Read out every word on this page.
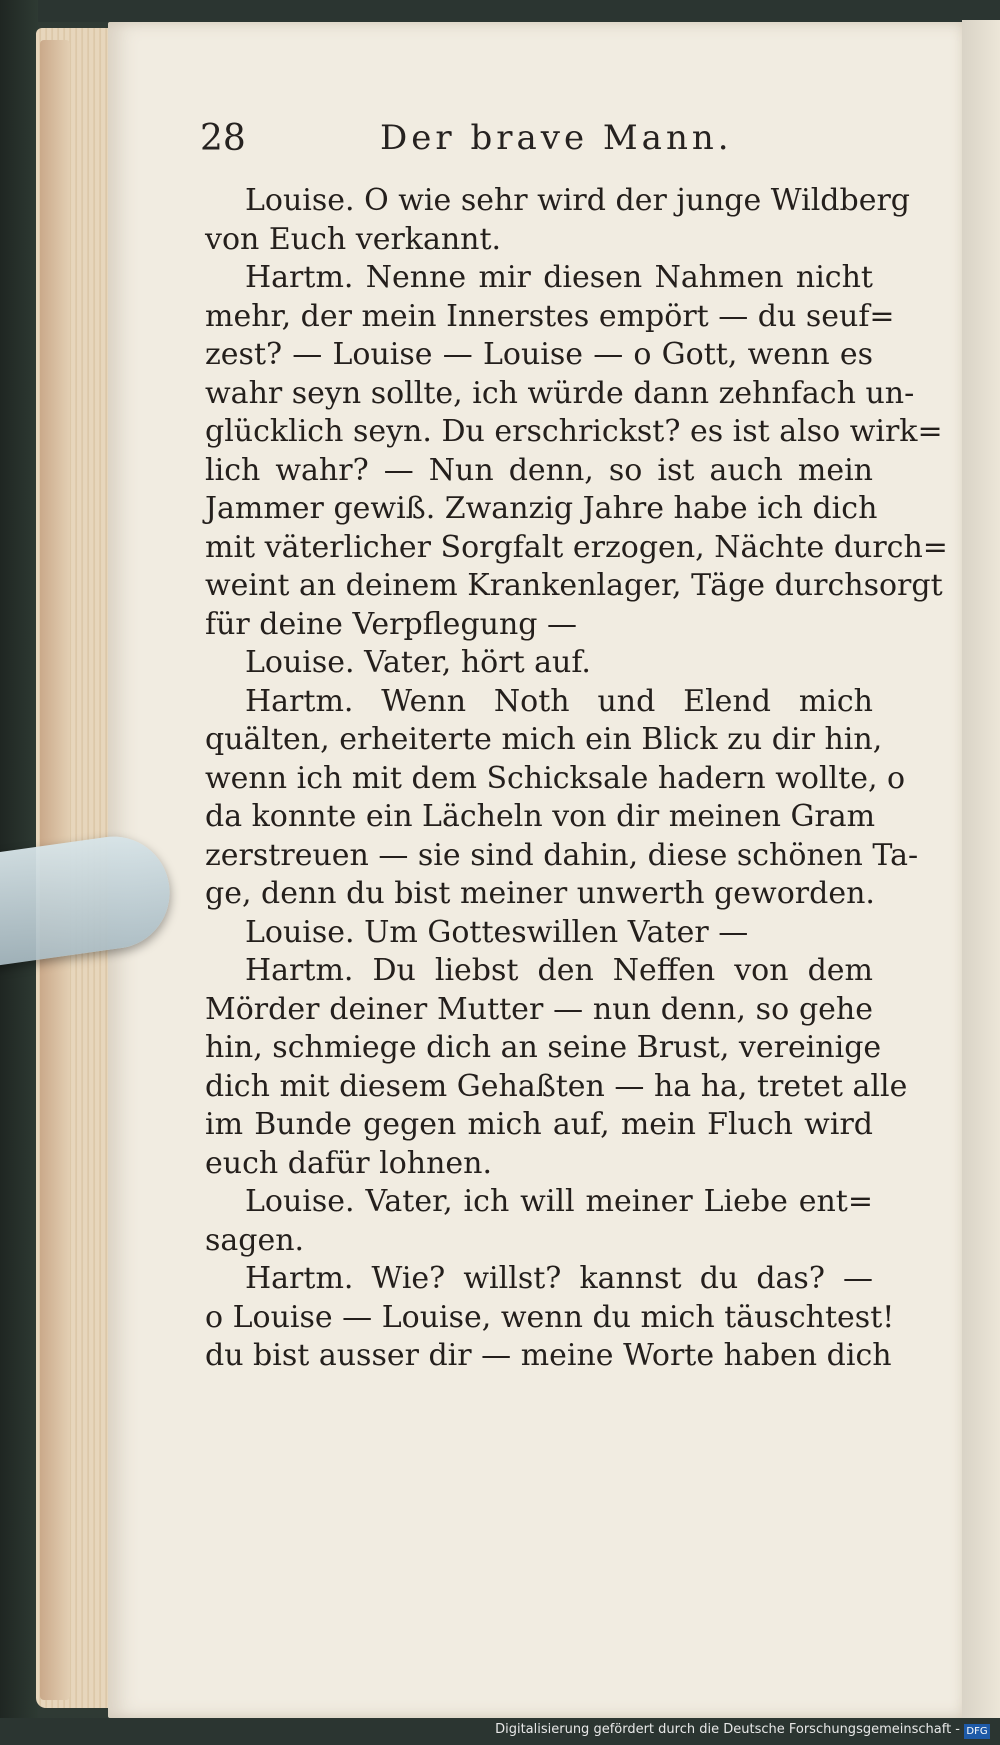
28	Der brave Mann.
Louise. O wie sehr wird der junge Wildberg
von Euch verkannt.
Hartm. Nenne mir diesen Nahmen nicht
mehr, der mein Innerstes empört — du seuf=
zest? — Louise — Louise — o Gott, wenn es
wahr seyn sollte, ich würde dann zehnfach un-
glücklich seyn. Du erschrickst? es ist also wirk=
lich wahr? — Nun denn, so ist auch mein
Jammer gewiß. Zwanzig Jahre habe ich dich
mit väterlicher Sorgfalt erzogen, Nächte durch=
weint an deinem Krankenlager, Täge durchsorgt
für deine Verpflegung —
Louise. Vater, hört auf.
Hartm. Wenn Noth und Elend mich
quälten, erheiterte mich ein Blick zu dir hin,
wenn ich mit dem Schicksale hadern wollte, o
da konnte ein Lächeln von dir meinen Gram
zerstreuen — sie sind dahin, diese schönen Ta-
ge, denn du bist meiner unwerth geworden.
Louise. Um Gotteswillen Vater —
Hartm. Du liebst den Neffen von dem
Mörder deiner Mutter — nun denn, so gehe
hin, schmiege dich an seine Brust, vereinige
dich mit diesem Gehaßten — ha ha, tretet alle
im Bunde gegen mich auf, mein Fluch wird
euch dafür lohnen.
Louise. Vater, ich will meiner Liebe ent=
sagen.
Hartm. Wie? willst? kannst du das? —
o Louise — Louise, wenn du mich täuschtest!
du bist ausser dir — meine Worte haben dich
Digitalisierung gefördert durch die Deutsche Forschungsgemeinschaft - DFG
